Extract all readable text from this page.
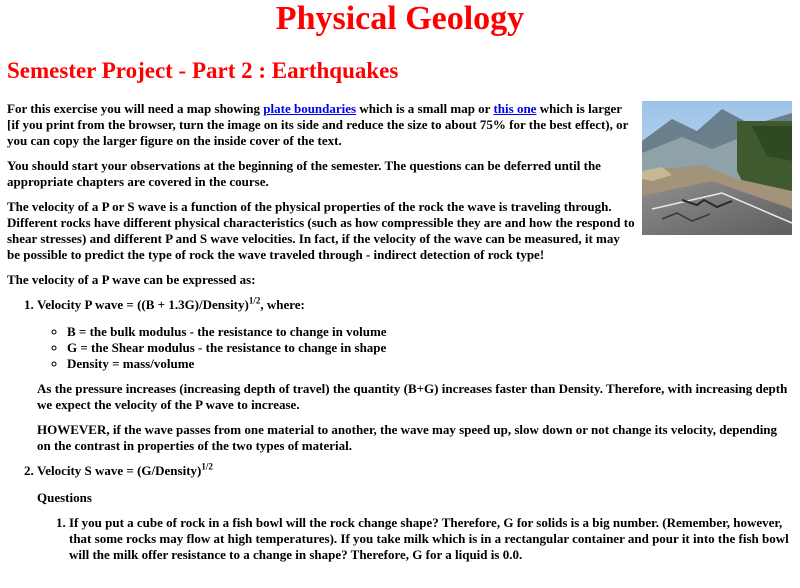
Physical Geology
Semester Project - Part 2 : Earthquakes

For this exercise you will need a map showing plate boundaries which is a small map or this one which is larger [if you print from the browser, turn the image on its side and reduce the size to about 75% for the best effect), or you can copy the larger figure on the inside cover of the text.

You should start your observations at the beginning of the semester. The questions can be deferred until the appropriate chapters are covered in the course.

The velocity of a P or S wave is a function of the physical properties of the rock the wave is traveling through. Different rocks have different physical characteristics (such as how compressible they are and how the respond to shear stresses) and different P and S wave velocities. In fact, if the velocity of the wave can be measured, it may be possible to predict the type of rock the wave traveled through - indirect detection of rock type!

The velocity of a P wave can be expressed as:

1. Velocity P wave = ((B + 1.3G)/Density)$^{1/2}$, where:
◦ B = the bulk modulus - the resistance to change in volume
◦ G = the Shear modulus - the resistance to change in shape
◦ Density = mass/volume

As the pressure increases (increasing depth of travel) the quantity (B+G) increases faster than Density. Therefore, with increasing depth we expect the velocity of the P wave to increase.

HOWEVER, if the wave passes from one material to another, the wave may speed up, slow down or not change its velocity, depending on the contrast in properties of the two types of material.

2. Velocity S wave = (G/Density)$^{1/2}$
Questions
1. If you put a cube of rock in a fish bowl will the rock change shape? Therefore, G for solids is a big number. (Remember, however, that some rocks may flow at high temperatures). If you take milk which is in a rectangular container and pour it into the fish bowl will the milk offer resistance to a change in shape? Therefore, G for a liquid is 0.0.
